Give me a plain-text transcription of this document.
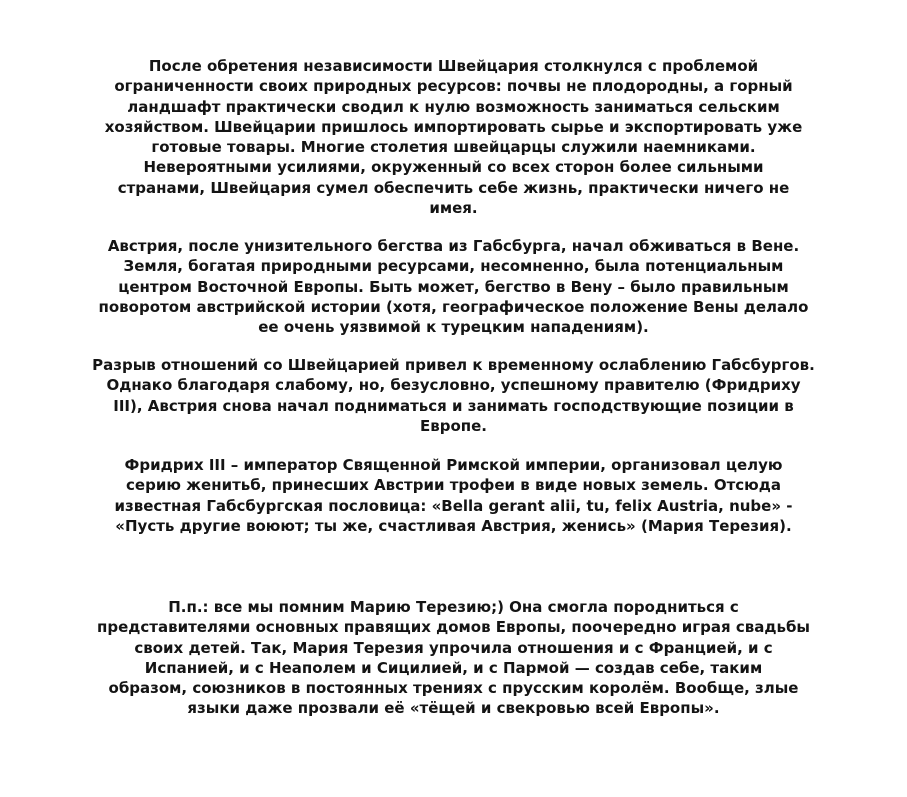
После обретения независимости Швейцария столкнулся с проблемой
ограниченности своих природных ресурсов: почвы не плодородны, а горный
ландшафт практически сводил к нулю возможность заниматься сельским
хозяйством. Швейцарии пришлось импортировать сырье и экспортировать уже
готовые товары. Многие столетия швейцарцы служили наемниками.
Невероятными усилиями, окруженный со всех сторон более сильными
странами, Швейцария сумел обеспечить себе жизнь, практически ничего не
имея.
Австрия, после унизительного бегства из Габсбурга, начал обживаться в Вене.
Земля, богатая природными ресурсами, несомненно, была потенциальным
центром Восточной Европы. Быть может, бегство в Вену – было правильным
поворотом австрийской истории (хотя, географическое положение Вены делало
ее очень уязвимой к турецким нападениям).
Разрыв отношений со Швейцарией привел к временному ослаблению Габсбургов.
Однако благодаря слабому, но, безусловно, успешному правителю (Фридриху
III), Австрия снова начал подниматься и занимать господствующие позиции в
Европе.
Фридрих III – император Священной Римской империи, организовал целую
серию женитьб, принесших Австрии трофеи в виде новых земель. Отсюда
известная Габсбургская пословица: «Bella gerant alii, tu, felix Austria, nube» -
«Пусть другие воюют; ты же, счастливая Австрия, женись» (Мария Терезия).
П.п.: все мы помним Марию Терезию;) Она смогла породниться с
представителями основных правящих домов Европы, поочередно играя свадьбы
своих детей. Так, Мария Терезия упрочила отношения и с Францией, и с
Испанией, и с Неаполем и Сицилией, и с Пармой — создав себе, таким
образом, союзников в постоянных трениях с прусским королём. Вообще, злые
языки даже прозвали её «тёщей и свекровью всей Европы».
